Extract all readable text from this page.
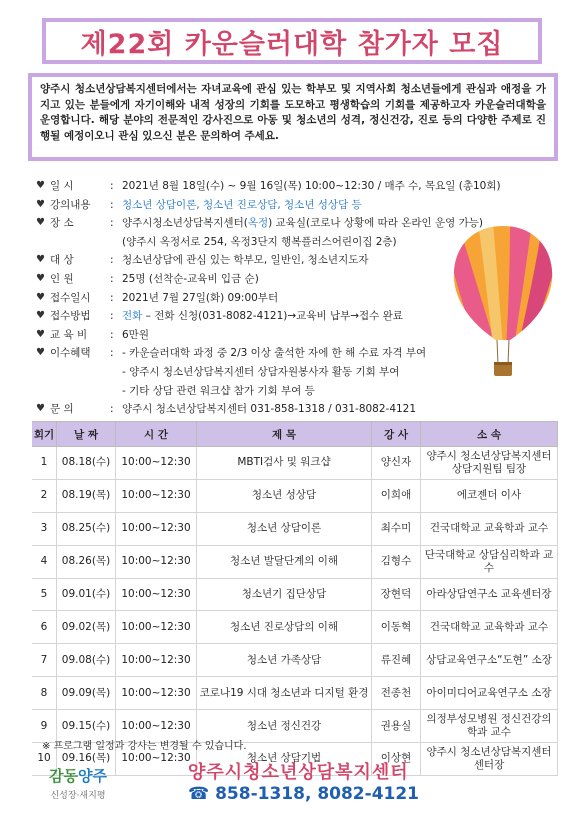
제22회 카운슬러대학 참가자 모집
양주시 청소년상담복지센터에서는 자녀교육에 관심 있는 학부모 및 지역사회 청소년들에게 관심과 애정을 가지고 있는 분들에게 자기이해와 내적 성장의 기회를 도모하고 평생학습의 기회를 제공하고자 카운슬러대학을 운영합니다. 해당 분야의 전문적인 강사진으로 아동 및 청소년의 성격, 정신건강, 진로 등의 다양한 주제로 진행될 예정이오니 관심 있으신 분은 문의하여 주세요.
♥ 일 시	: 2021년 8월 18일(수) ~ 9월 16일(목) 10:00~12:30 / 매주 수, 목요일 (총10회)
♥ 강의내용	: 청소년 상담이론, 청소년 진로상담, 청소년 성상담 등
♥ 장 소	: 양주시청소년상담복지센터(옥정) 교육실(코로나 상황에 따라 온라인 운영 가능)
(양주시 옥정서로 254, 옥정3단지 행복플러스어린이집 2층)
♥ 대 상	: 청소년상담에 관심 있는 학부모, 일반인, 청소년지도자
♥ 인 원	: 25명 (선착순-교육비 입금 순)
♥ 접수일시	: 2021년 7월 27일(화) 09:00부터
♥ 접수방법	: 전화 – 전화 신청(031-8082-4121)→교육비 납부→접수 완료
♥ 교 육 비	: 6만원
♥ 이수혜택	: - 카운슬러대학 과정 중 2/3 이상 출석한 자에 한 해 수료 자격 부여
- 양주시 청소년상담복지센터 상담자원봉사자 활동 기회 부여
- 기타 상담 관련 워크샵 참가 기회 부여 등
♥ 문 의	: 양주시 청소년상담복지센터 031-858-1318 / 031-8082-4121
회기	날 짜	시 간	제 목	강 사	소 속
1	08.18(수)	10:00~12:30	MBTI검사 및 워크샵	양신자	양주시 청소년상담복지센터 상담지원팀 팀장
2	08.19(목)	10:00~12:30	청소년 성상담	이희애	에코젠더 이사
3	08.25(수)	10:00~12:30	청소년 상담이론	최수미	건국대학교 교육학과 교수
4	08.26(목)	10:00~12:30	청소년 발달단계의 이해	김형수	단국대학교 상담심리학과 교수
5	09.01(수)	10:00~12:30	청소년기 집단상담	장현덕	아라상담연구소 교육센터장
6	09.02(목)	10:00~12:30	청소년 진로상담의 이해	이동혁	건국대학교 교육학과 교수
7	09.08(수)	10:00~12:30	청소년 가족상담	류진혜	상담교육연구소“도현” 소장
8	09.09(목)	10:00~12:30	코로나19 시대 청소년과 디지털 환경	전종천	아이미디어교육연구소 소장
9	09.15(수)	10:00~12:30	청소년 정신건강	권용실	의정부성모병원 정신건강의학과 교수
10	09.16(목)	10:00~12:30	청소년 상담기법	이상현	양주시 청소년상담복지센터 센터장
※ 프로그램 일정과 강사는 변경될 수 있습니다.
감동양주
신성장·새지평
양주시청소년상담복지센터
☎ 858-1318, 8082-4121
